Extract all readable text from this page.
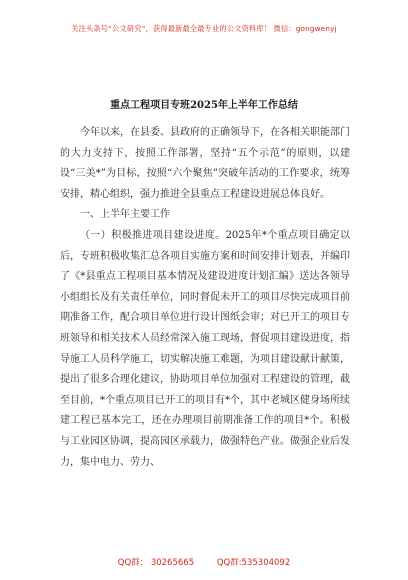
关注头条号“公文研究”，获得最新最全最专业的公文资料库！ 微信：gongwenyj
重点工程项目专班2025年上半年工作总结

今年以来，在县委、县政府的正确领导下，在各相关职能部门的大力支持下，按照工作部署，坚持“五个示范”的原则，以建设“三美*”为目标，按照“六个聚焦”突破年活动的工作要求，统筹安排，精心组织，强力推进全县重点工程建设进展总体良好。

一、上半年主要工作

（一）积极推进项目建设进度。2025年*个重点项目确定以后，专班积极收集汇总各项目实施方案和时间安排计划表，并编印了《*县重点工程项目基本情况及建设进度计划汇编》送达各领导小组组长及有关责任单位，同时督促未开工的项目尽快完成项目前期准备工作，配合项目单位进行设计图纸会审；对已开工的项目专班领导和相关技术人员经常深入施工现场，督促项目建设进度，指导施工人员科学施工，切实解决施工难题，为项目建设献计献策，提出了很多合理化建议，协助项目单位加强对工程建设的管理，截至目前，*个重点项目已开工的项目有*个，其中老城区健身场所续建工程已基本完工，还在办理项目前期准备工作的项目*个。积极与工业园区协调，提高园区承载力，做强特色产业。做强企业后发力，集中电力、劳力、

QQ群： 30265665	QQ群:535304092
